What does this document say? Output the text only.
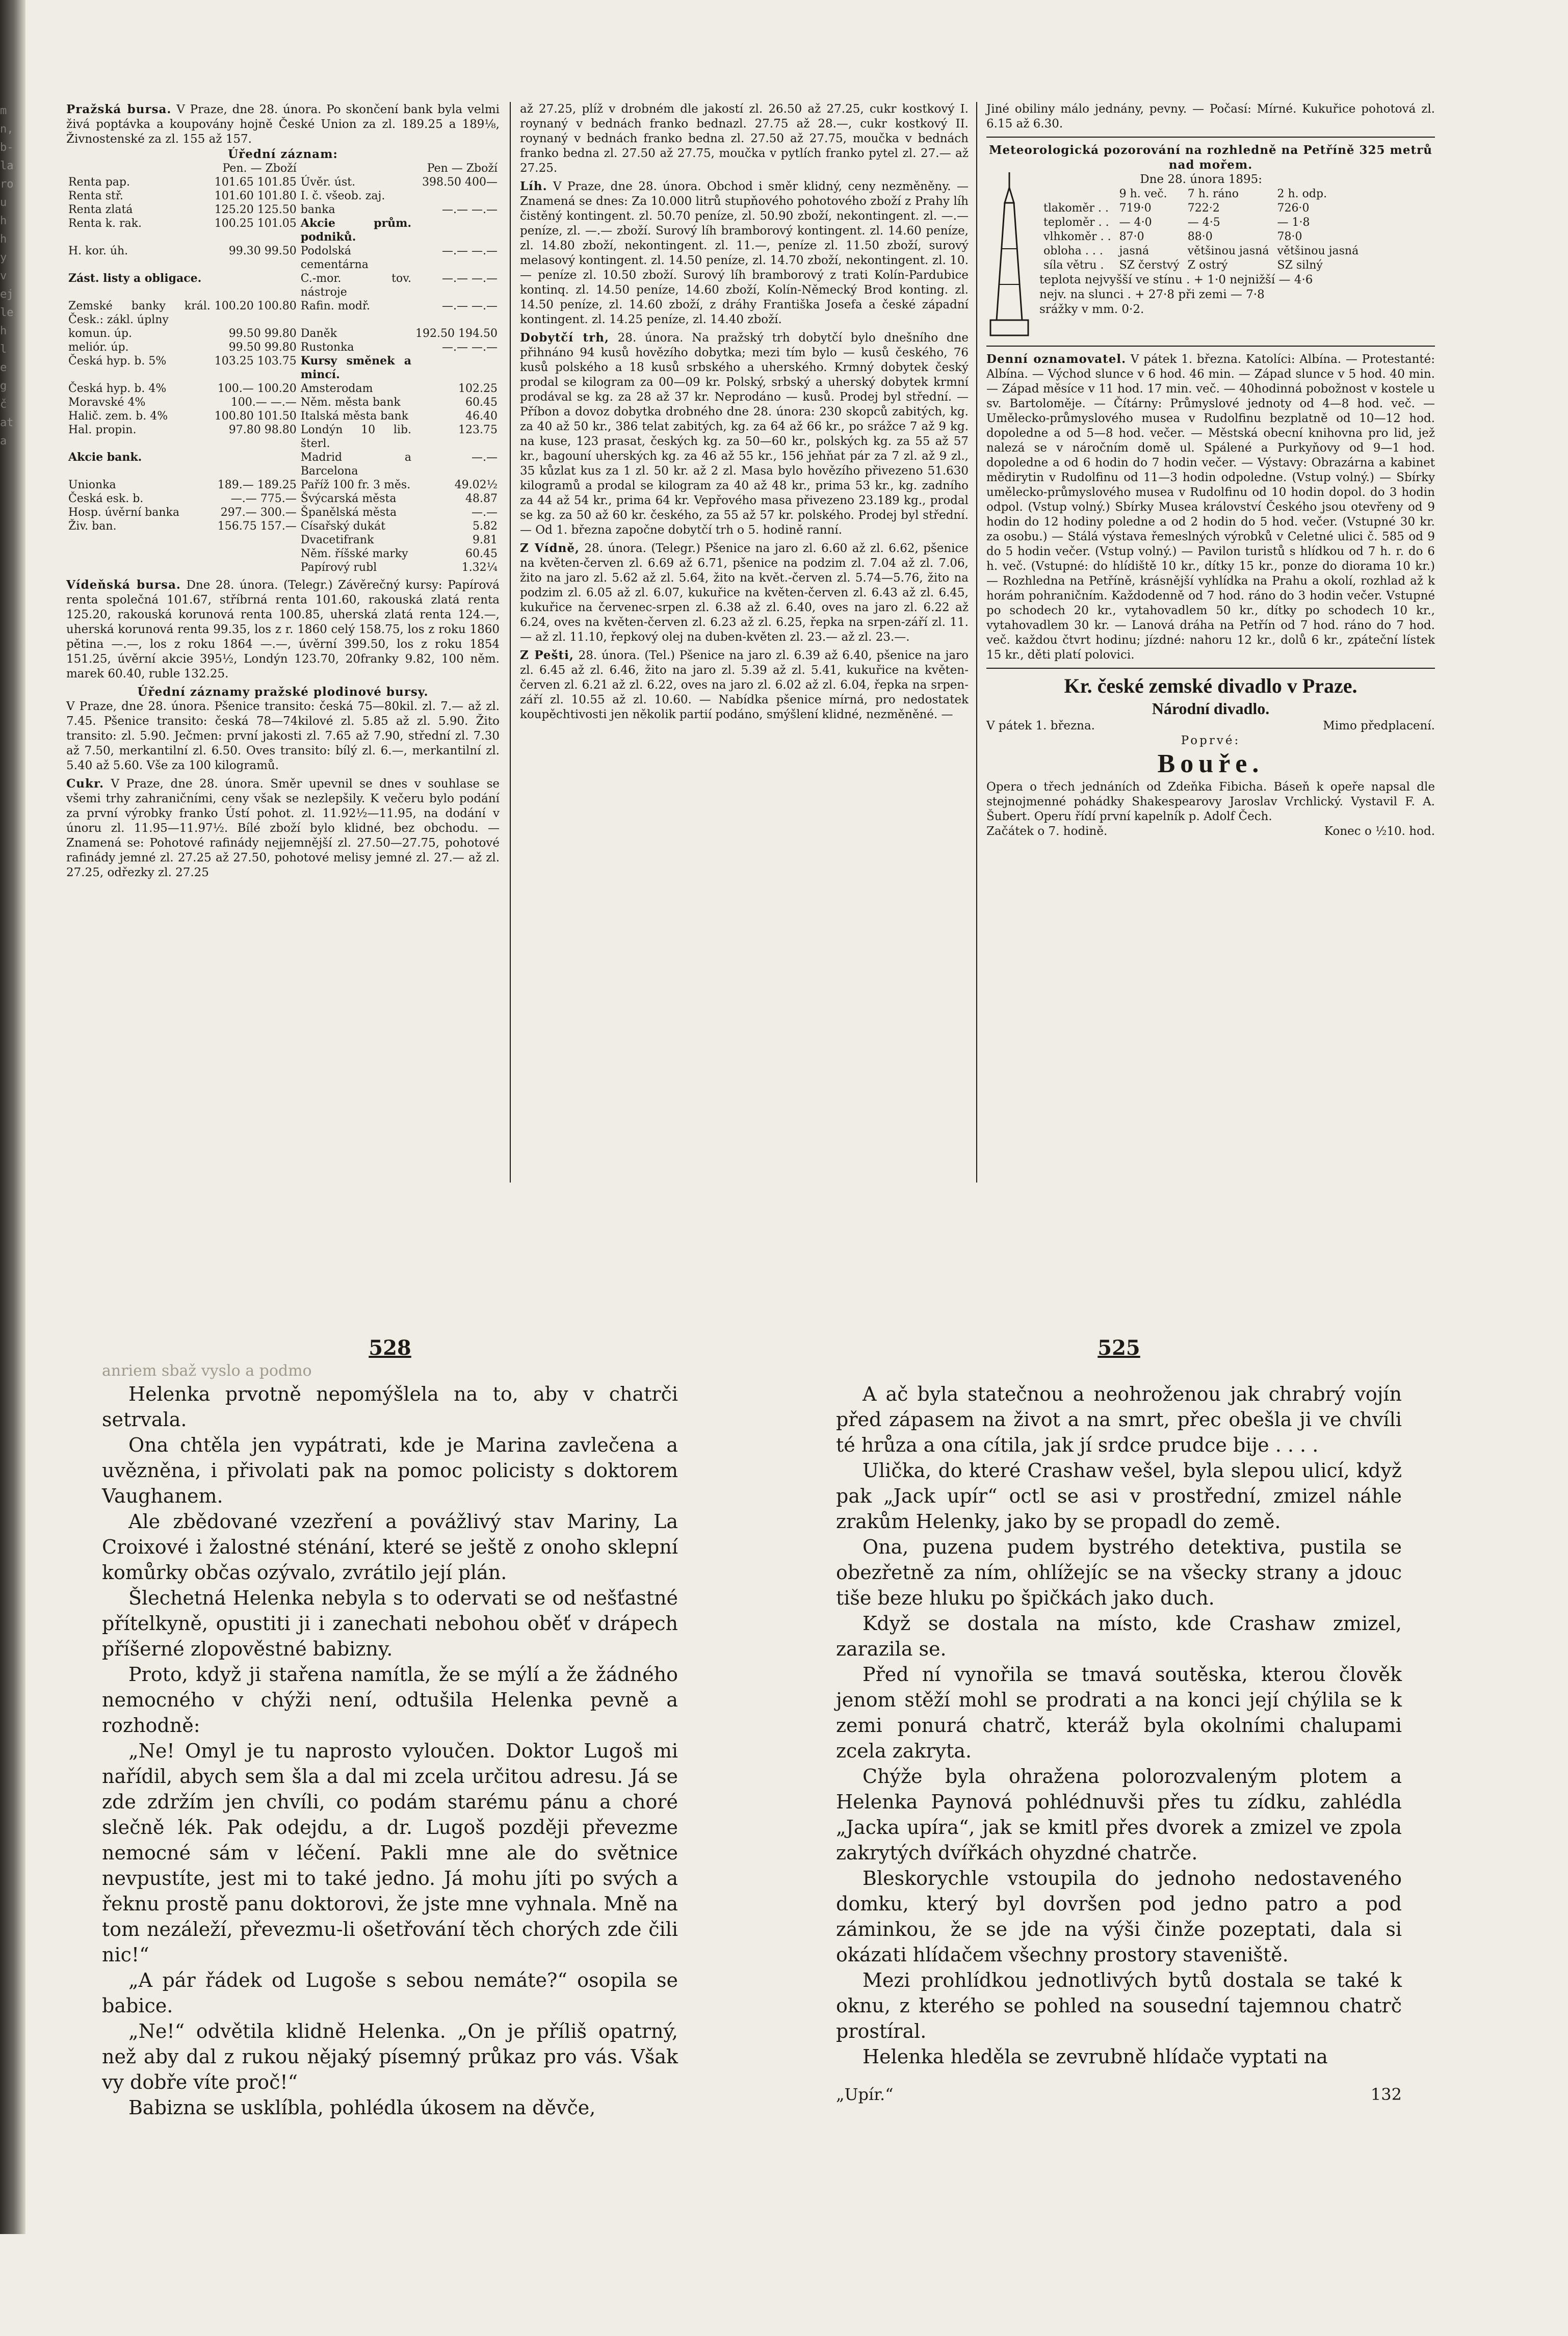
m
n,
b-
la
ro
u
h
h
y
v
ej
le
h
l
e
g
č
at
a

Pražská bursa. V Praze, dne 28. února. Po skončení bank byla velmi živá poptávka a koupovány hojně České Union za zl. 189.25 a 189⅛, Živnostenské za zl. 155 až 157.

Úřední záznam:

	Pen. — Zboží		Pen — Zboží
Renta pap.	101.65 101.85	Úvěr. úst.	398.50 400—
Renta stř.	101.60 101.80	I. č. všeob. zaj.	
Renta zlatá	125.20 125.50	banka	—.— —.—
Renta k. rak.	100.25 101.05	Akcie prům. podniků.	
H. kor. úh.	99.30 99.50	Podolská cementárna	—.— —.—
Zást. listy a obligace.		C.-mor. tov. nástroje	—.— —.—
Zemské banky král. Česk.: zákl. úplny	100.20 100.80	Rafin. modř.	—.— —.—
komun. úp.	99.50 99.80	Daněk	192.50 194.50
meliór. úp.	99.50 99.80	Rustonka	—.— —.—
Česká hyp. b. 5%	103.25 103.75	Kursy směnek a mincí.	
Česká hyp. b. 4%	100.— 100.20	Amsterodam	102.25
Moravské 4%	100.— —.—	Něm. města bank	60.45
Halič. zem. b. 4%	100.80 101.50	Italská města bank	46.40
Hal. propin.	97.80 98.80	Londýn 10 lib. šterl.	123.75
Akcie bank.		Madrid a Barcelona	—.—
Unionka	189.— 189.25	Paříž 100 fr. 3 měs.	49.02½
Česká esk. b.	—.— 775.—	Švýcarská města	48.87
Hosp. úvěrní banka	297.— 300.—	Španělská města	—.—
Živ. ban.	156.75 157.—	Císařský dukát	5.82
		Dvacetifrank	9.81
		Něm. říšské marky	60.45
		Papírový rubl	1.32¼

Vídeňská bursa. Dne 28. února. (Telegr.) Závěrečný kursy: Papírová renta společná 101.67, stříbrná renta 101.60, rakouská zlatá renta 125.20, rakouská korunová renta 100.85, uherská zlatá renta 124.—, uherská korunová renta 99.35, los z r. 1860 celý 158.75, los z roku 1860 pětina —.—, los z roku 1864 —.—, úvěrní 399.50, los z roku 1854 151.25, úvěrní akcie 395½, Londýn 123.70, 20franky 9.82, 100 něm. marek 60.40, ruble 132.25.

Úřední záznamy pražské plodinové bursy.

V Praze, dne 28. února. Pšenice transito: česká 75—80kil. zl. 7.— až zl. 7.45. Pšenice transito: česká 78—74kilové zl. 5.85 až zl. 5.90. Žito transito: zl. 5.90. Ječmen: první jakosti zl. 7.65 až 7.90, střední zl. 7.30 až 7.50, merkantilní zl. 6.50. Oves transito: bílý zl. 6.—, merkantilní zl. 5.40 až 5.60. Vše za 100 kilogramů.

Cukr. V Praze, dne 28. února. Směr upevnil se dnes v souhlase se všemi trhy zahraničními, ceny však se nezlepšily. K večeru bylo podání za první výrobky franko Ústí pohot. zl. 11.92½—11.95, na dodání v únoru zl. 11.95—11.97½. Bílé zboží bylo klidné, bez obchodu. — Znamená se: Pohotové rafinády nejjemnější zl. 27.50—27.75, pohotové rafinády jemné zl. 27.25 až 27.50, pohotové melisy jemné zl. 27.— až zl. 27.25, odřezky zl. 27.25

až 27.25, plíž v drobném dle jakostí zl. 26.50 až 27.25, cukr kostkový I. roynaný v bednách franko bednazl. 27.75 až 28.—, cukr kostkový II. roynaný v bednách franko bedna zl. 27.50 až 27.75, moučka v bednách franko bedna zl. 27.50 až 27.75, moučka v pytlích franko pytel zl. 27.— až 27.25.

Líh. V Praze, dne 28. února. Obchod i směr klidný, ceny nezměněny. — Znamená se dnes: Za 10.000 litrů stupňového pohotového zboží z Prahy líh čistěný kontingent. zl. 50.70 peníze, zl. 50.90 zboží, nekontingent. zl. —.— peníze, zl. —.— zboží. Surový líh bramborový kontingent. zl. 14.60 peníze, zl. 14.80 zboží, nekontingent. zl. 11.—, peníze zl. 11.50 zboží, surový melasový kontingent. zl. 14.50 peníze, zl. 14.70 zboží, nekontingent. zl. 10.— peníze zl. 10.50 zboží. Surový líh bramborový z trati Kolín-Pardubice kontinq. zl. 14.50 peníze, 14.60 zboží, Kolín-Německý Brod konting. zl. 14.50 peníze, zl. 14.60 zboží, z dráhy Františka Josefa a české západní kontingent. zl. 14.25 peníze, zl. 14.40 zboží.

Dobytčí trh, 28. února. Na pražský trh dobytčí bylo dnešního dne přihnáno 94 kusů hovězího dobytka; mezi tím bylo — kusů českého, 76 kusů polského a 18 kusů srbského a uherského. Krmný dobytek český prodal se kilogram za 00—09 kr. Polský, srbský a uherský dobytek krmní prodával se kg. za 28 až 37 kr. Neprodáno — kusů. Prodej byl střední. — Příbon a dovoz dobytka drobného dne 28. února: 230 skopců zabitých, kg. za 40 až 50 kr., 386 telat zabitých, kg. za 64 až 66 kr., po srážce 7 až 9 kg. na kuse, 123 prasat, českých kg. za 50—60 kr., polských kg. za 55 až 57 kr., bagouní uherských kg. za 46 až 55 kr., 156 jehňat pár za 7 zl. až 9 zl., 35 kůzlat kus za 1 zl. 50 kr. až 2 zl. Masa bylo hovězího přivezeno 51.630 kilogramů a prodal se kilogram za 40 až 48 kr., prima 53 kr., kg. zadního za 44 až 54 kr., prima 64 kr. Vepřového masa přivezeno 23.189 kg., prodal se kg. za 50 až 60 kr. českého, za 55 až 57 kr. polského. Prodej byl střední. — Od 1. března započne dobytčí trh o 5. hodině ranní.

Z Vídně, 28. února. (Telegr.) Pšenice na jaro zl. 6.60 až zl. 6.62, pšenice na květen-červen zl. 6.69 až 6.71, pšenice na podzim zl. 7.04 až zl. 7.06, žito na jaro zl. 5.62 až zl. 5.64, žito na květ.-červen zl. 5.74—5.76, žito na podzim zl. 6.05 až zl. 6.07, kukuřice na květen-červen zl. 6.43 až zl. 6.45, kukuřice na červenec-srpen zl. 6.38 až zl. 6.40, oves na jaro zl. 6.22 až 6.24, oves na květen-červen zl. 6.23 až zl. 6.25, řepka na srpen-září zl. 11.— až zl. 11.10, řepkový olej na duben-květen zl. 23.— až zl. 23.—.

Z Pešti, 28. února. (Tel.) Pšenice na jaro zl. 6.39 až 6.40, pšenice na jaro zl. 6.45 až zl. 6.46, žito na jaro zl. 5.39 až zl. 5.41, kukuřice na květen-červen zl. 6.21 až zl. 6.22, oves na jaro zl. 6.02 až zl. 6.04, řepka na srpen-září zl. 10.55 až zl. 10.60. — Nabídka pšenice mírná, pro nedostatek koupěchtivosti jen několik partií podáno, smýšlení klidné, nezměněné. —

Jiné obiliny málo jednány, pevny. — Počasí: Mírné. Kukuřice pohotová zl. 6.15 až 6.30.

Meteorologická pozorování na rozhledně na Petříně 325 metrů nad mořem.

Dne 28. února 1895:

	9 h. več.	7 h. ráno	2 h. odp.
tlakoměr . .	719·0	722·2	726·0
teploměr . .	— 4·0	— 4·5	— 1·8
vlhkoměr . .	87·0	88·0	78·0
obloha . . .	jasná	většinou jasná	většinou jasná
síla větru .	SZ čerstvý	Z ostrý	SZ silný

teplota nejvyšší ve stínu . + 1·0 nejnižší — 4·6

nejv. na slunci . + 27·8 při zemi — 7·8

srážky v mm. 0·2.

Denní oznamovatel. V pátek 1. března. Katolíci: Albína. — Protestanté: Albína. — Východ slunce v 6 hod. 46 min. — Západ slunce v 5 hod. 40 min. — Západ měsíce v 11 hod. 17 min. več. — 40hodinná pobožnost v kostele u sv. Bartoloměje. — Čítárny: Průmyslové jednoty od 4—8 hod. več. — Umělecko-průmyslového musea v Rudolfinu bezplatně od 10—12 hod. dopoledne a od 5—8 hod. večer. — Městská obecní knihovna pro lid, jež nalezá se v náročním domě ul. Spálené a Purkyňovy od 9—1 hod. dopoledne a od 6 hodin do 7 hodin večer. — Výstavy: Obrazárna a kabinet mědirytin v Rudolfinu od 11—3 hodin odpoledne. (Vstup volný.) — Sbírky umělecko-průmyslového musea v Rudolfinu od 10 hodin dopol. do 3 hodin odpol. (Vstup volný.) Sbírky Musea království Českého jsou otevřeny od 9 hodin do 12 hodiny poledne a od 2 hodin do 5 hod. večer. (Vstupné 30 kr. za osobu.) — Stálá výstava řemeslných výrobků v Celetné ulici č. 585 od 9 do 5 hodin večer. (Vstup volný.) — Pavilon turistů s hlídkou od 7 h. r. do 6 h. več. (Vstupné: do hlídiště 10 kr., dítky 15 kr., ponze do diorama 10 kr.) — Rozhledna na Petříně, krásnější vyhlídka na Prahu a okolí, rozhlad až k horám pohraničním. Každodenně od 7 hod. ráno do 3 hodin večer. Vstupné po schodech 20 kr., vytahovadlem 50 kr., dítky po schodech 10 kr., vytahovadlem 30 kr. — Lanová dráha na Petřín od 7 hod. ráno do 7 hod. več. každou čtvrt hodinu; jízdné: nahoru 12 kr., dolů 6 kr., zpáteční lístek 15 kr., děti platí polovici.

Kr. české zemské divadlo v Praze.

Národní divadlo.

V pátek 1. března.	Mimo předplacení.

Poprvé:

Bouře.

Opera o třech jednáních od Zdeňka Fibicha. Báseň k opeře napsal dle stejnojmenné pohádky Shakespearovy Jaroslav Vrchlický. Vystavil F. A. Šubert. Operu řídí první kapelník p. Adolf Čech.

Začátek o 7. hodině.	Konec o ½10. hod.

528

anriem sbaž vyslo a podmo

Helenka prvotně nepomýšlela na to, aby v chatrči setrvala.

Ona chtěla jen vypátrati, kde je Marina zavlečena a uvězněna, i přivolati pak na pomoc policisty s doktorem Vaughanem.

Ale zbědované vzezření a povážlivý stav Mariny, La Croixové i žalostné sténání, které se ještě z onoho sklepní komůrky občas ozývalo, zvrátilo její plán.

Šlechetná Helenka nebyla s to odervati se od nešťastné přítelkyně, opustiti ji i zanechati nebohou oběť v drápech příšerné zlopověstné babizny.

Proto, když ji stařena namítla, že se mýlí a že žádného nemocného v chýži není, odtušila Helenka pevně a rozhodně:

„Ne! Omyl je tu naprosto vyloučen. Doktor Lugoš mi nařídil, abych sem šla a dal mi zcela určitou adresu. Já se zde zdržím jen chvíli, co podám starému pánu a choré slečně lék. Pak odejdu, a dr. Lugoš později převezme nemocné sám v léčení. Pakli mne ale do světnice nevpustíte, jest mi to také jedno. Já mohu jíti po svých a řeknu prostě panu doktorovi, že jste mne vyhnala. Mně na tom nezáleží, převezmu-li ošetřování těch chorých zde čili nic!“

„A pár řádek od Lugoše s sebou nemáte?“ osopila se babice.

„Ne!“ odvětila klidně Helenka. „On je příliš opatrný, než aby dal z rukou nějaký písemný průkaz pro vás. Však vy dobře víte proč!“

Babizna se usklíbla, pohlédla úkosem na děvče,

525

A ač byla statečnou a neohroženou jak chrabrý vojín před zápasem na život a na smrt, přec obešla ji ve chvíli té hrůza a ona cítila, jak jí srdce prudce bije . . . .

Ulička, do které Crashaw vešel, byla slepou ulicí, když pak „Jack upír“ octl se asi v prostřední, zmizel náhle zrakům Helenky, jako by se propadl do země.

Ona, puzena pudem bystrého detektiva, pustila se obezřetně za ním, ohlížejíc se na všecky strany a jdouc tiše beze hluku po špičkách jako duch.

Když se dostala na místo, kde Crashaw zmizel, zarazila se.

Před ní vynořila se tmavá soutěska, kterou člověk jenom stěží mohl se prodrati a na konci její chýlila se k zemi ponurá chatrč, kteráž byla okolními chalupami zcela zakryta.

Chýže byla ohražena polorozvaleným plotem a Helenka Paynová pohlédnuvši přes tu zídku, zahlédla „Jacka upíra“, jak se kmitl přes dvorek a zmizel ve zpola zakrytých dvířkách ohyzdné chatrče.

Bleskorychle vstoupila do jednoho nedostaveného domku, který byl dovršen pod jedno patro a pod záminkou, že se jde na výši činže pozeptati, dala si okázati hlídačem všechny prostory staveniště.

Mezi prohlídkou jednotlivých bytů dostala se také k oknu, z kterého se pohled na sousední tajemnou chatrč prostíral.

Helenka hleděla se zevrubně hlídače vyptati na

„Upír.“	132
